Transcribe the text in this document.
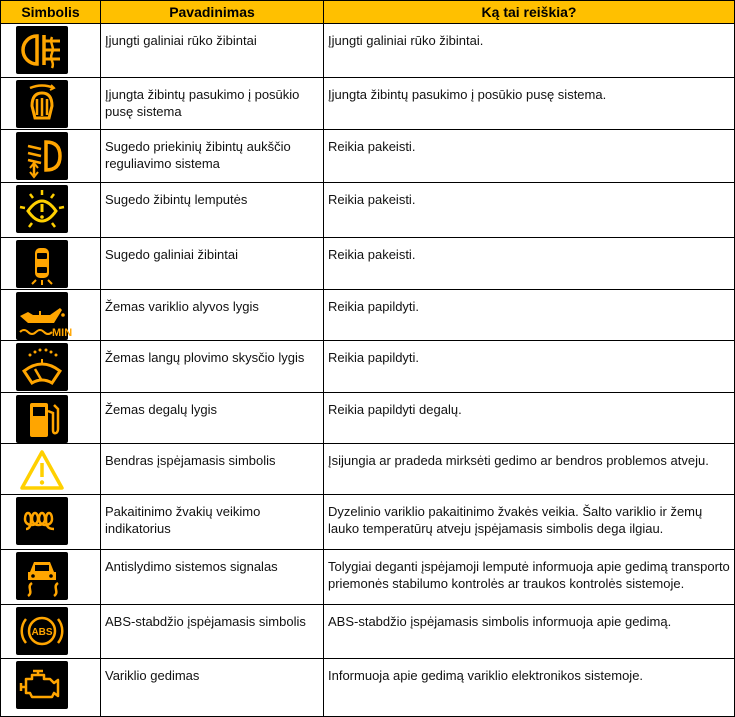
Simbolis	Pavadinimas	Ką tai reiškia?

	Įjungti galiniai rūko žibintai	Įjungti galiniai rūko žibintai.

	Įjungta žibintų pasukimo į posūkio pusę sistema	Įjungta žibintų pasukimo į posūkio pusę sistema.

	Sugedo priekinių žibintų aukščio reguliavimo sistema	Reikia pakeisti.

	Sugedo žibintų lemputės	Reikia pakeisti.

	Sugedo galiniai žibintai	Reikia pakeisti.

MIN	Žemas variklio alyvos lygis	Reikia papildyti.

	Žemas langų plovimo skysčio lygis	Reikia papildyti.

	Žemas degalų lygis	Reikia papildyti degalų.

	Bendras įspėjamasis simbolis	Įsijungia ar pradeda mirksėti gedimo ar bendros problemos atveju.

	Pakaitinimo žvakių veikimo indikatorius	Dyzelinio variklio pakaitinimo žvakės veikia. Šalto variklio ir žemų lauko temperatūrų atveju įspėjamasis simbolis dega ilgiau.

	Antislydimo sistemos signalas	Tolygiai deganti įspėjamoji lemputė informuoja apie gedimą transporto priemonės stabilumo kontrolės ar traukos kontrolės sistemoje.

ABS	ABS-stabdžio įspėjamasis simbolis	ABS-stabdžio įspėjamasis simbolis informuoja apie gedimą.

	Variklio gedimas	Informuoja apie gedimą variklio elektronikos sistemoje.
